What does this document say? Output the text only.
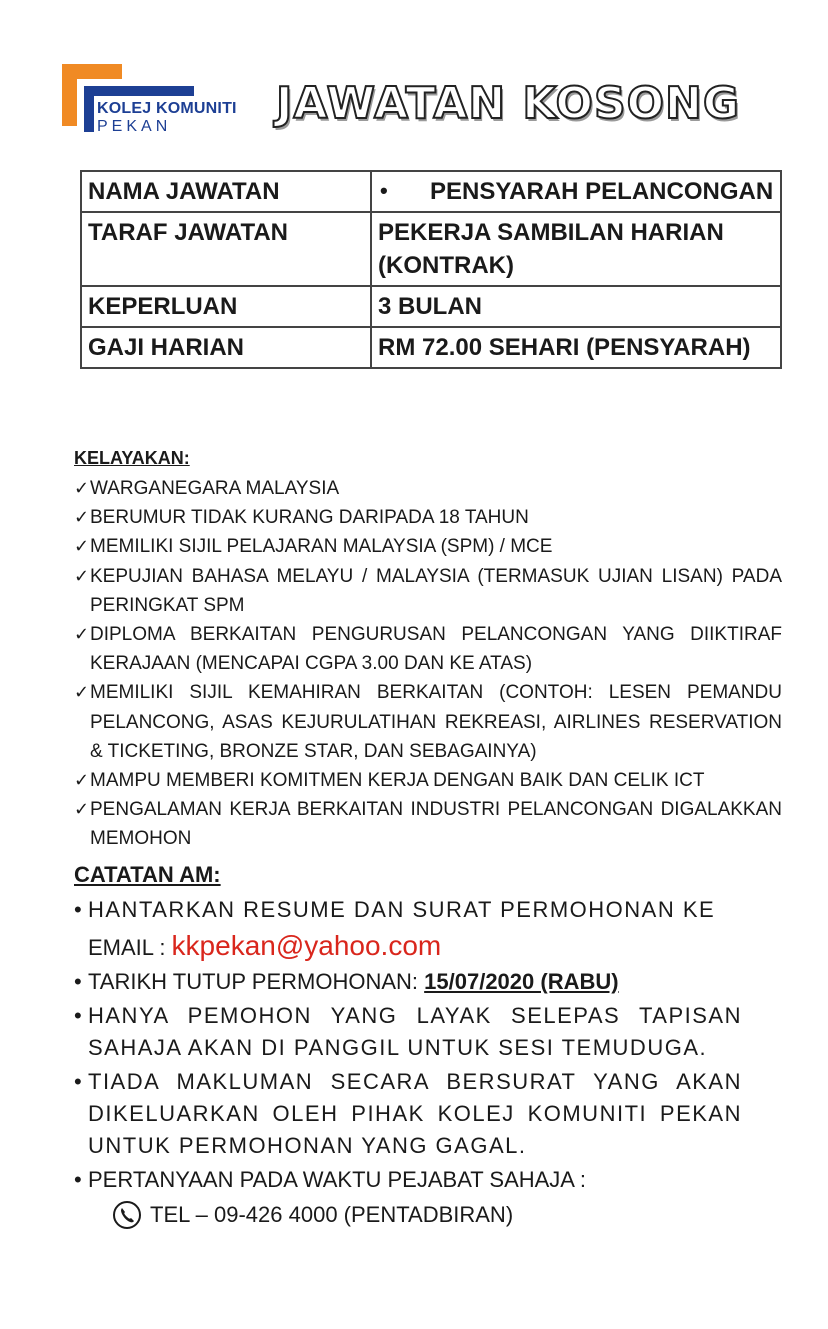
KOLEJ KOMUNITI
PEKAN JAWATAN KOSONG
NAMA JAWATAN	• PENSYARAH PELANCONGAN
TARAF JAWATAN	PEKERJA SAMBILAN HARIAN (KONTRAK)
KEPERLUAN	3 BULAN
GAJI HARIAN	RM 72.00 SEHARI (PENSYARAH)
KELAYAKAN:
✓ WARGANEGARA MALAYSIA
✓ BERUMUR TIDAK KURANG DARIPADA 18 TAHUN
✓ MEMILIKI SIJIL PELAJARAN MALAYSIA (SPM) / MCE
✓ KEPUJIAN BAHASA MELAYU / MALAYSIA (TERMASUK UJIAN LISAN) PADA PERINGKAT SPM
✓ DIPLOMA BERKAITAN PENGURUSAN PELANCONGAN YANG DIIKTIRAF KERAJAAN (MENCAPAI CGPA 3.00 DAN KE ATAS)
✓ MEMILIKI SIJIL KEMAHIRAN BERKAITAN (CONTOH: LESEN PEMANDU PELANCONG, ASAS KEJURULATIHAN REKREASI, AIRLINES RESERVATION & TICKETING, BRONZE STAR, DAN SEBAGAINYA)
✓ MAMPU MEMBERI KOMITMEN KERJA DENGAN BAIK DAN CELIK ICT
✓ PENGALAMAN KERJA BERKAITAN INDUSTRI PELANCONGAN DIGALAKKAN MEMOHON
CATATAN AM:
• HANTARKAN RESUME DAN SURAT PERMOHONAN KE
EMAIL : kkpekan@yahoo.com
• TARIKH TUTUP PERMOHONAN: 15/07/2020 (RABU)
• HANYA PEMOHON YANG LAYAK SELEPAS TAPISAN SAHAJA AKAN DI PANGGIL UNTUK SESI TEMUDUGA.
• TIADA MAKLUMAN SECARA BERSURAT YANG AKAN DIKELUARKAN OLEH PIHAK KOLEJ KOMUNITI PEKAN UNTUK PERMOHONAN YANG GAGAL.
• PERTANYAAN PADA WAKTU PEJABAT SAHAJA :
TEL – 09-426 4000 (PENTADBIRAN)
